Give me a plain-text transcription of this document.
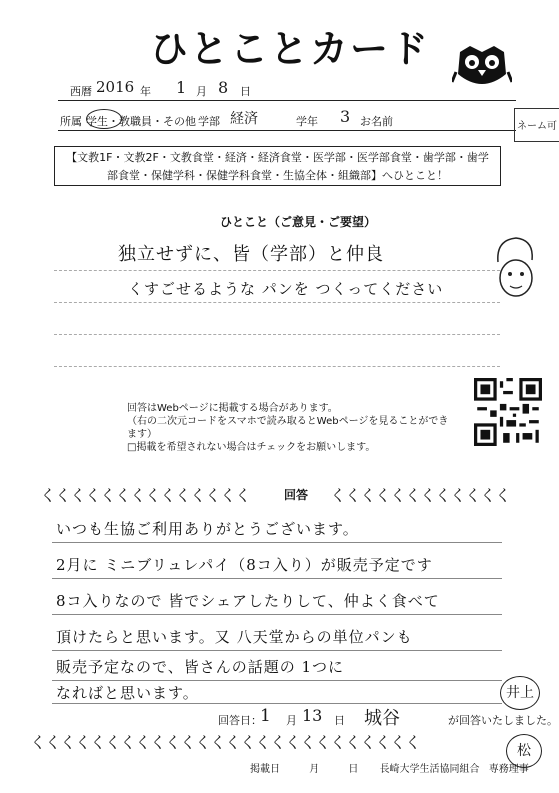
ひとことカード
西暦 2016 年 1 月 8 日
所属 学生・教職員・その他 学部 経済	学年 3 お名前	ネーム可
【文教1F・文教2F・文教食堂・経済・経済食堂・医学部・医学部食堂・歯学部・歯学部食堂・保健学科・保健学科食堂・生協全体・組織部】へひとこと！
ひとこと（ご意見・ご要望）
独立せずに、皆（学部）と仲良
くすごせるような パンを つくってください
回答はWebページに掲載する場合があります。
（右の二次元コードをスマホで読み取るとWebページを見ることができます）
□掲載を希望されない場合はチェックをお願いします。
くくくくくくくくくくくくくく	回答 くくくくくくくくくくくく
いつも生協ご利用ありがとうございます。
2月に ミニブリュレパイ（8コ入り）が販売予定です
8コ入りなので 皆でシェアしたりして、仲よく食べて
頂けたらと思います。又 八天堂からの単位パンも
販売予定なので、皆さんの話題の 1つに
なればと思います。
回答日：
1 月 13 日 城谷	が回答いたしました。
井上
松
くくくくくくくくくくくくくくくくくくくくくくくくくく
掲載日	月	日 長崎大学生活協同組合 専務理事
